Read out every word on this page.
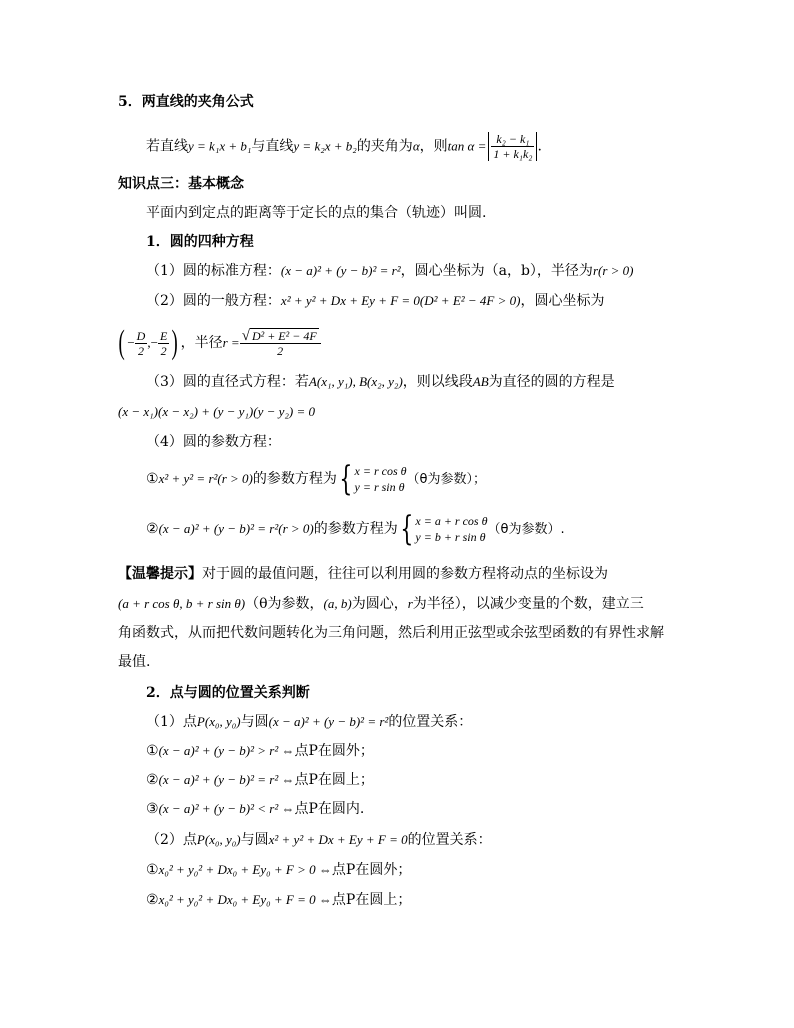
5．两直线的夹角公式
若直线y = k₁x + b₁与直线y = k₂x + b₂的夹角为α，则$\tan \alpha = \frac{\text{k₂ − k₁}}{\text{1 + k₁k₂}}$ .
知识点三：基本概念
平面内到定点的距离等于定长的点的集合（轨迹）叫圆.
1．圆的四种方程
（1）圆的标准方程：(x − a)² + (y − b)² = r²，圆心坐标为（a，b），半径为r(r > 0)
（2）圆的一般方程：x² + y² + Dx + Ey + F = 0(D² + E² − 4F > 0)，圆心坐标为
( − $\frac{D}{2}$ ,− $\frac{E}{2}$ ) ，半径$r = \frac{\text{√ D² + E² − 4F}}{2}$
（3）圆的直径式方程：若A(x₁, y₁), B(x₂, y₂)，则以线段AB为直径的圆的方程是
(x − x₁)(x − x₂) + (y − y₁)(y − y₂) = 0
（4）圆的参数方程：
①x² + y² = r²(r > 0)的参数方程为{ x = r cos θ
y = r sin θ （θ为参数）；
②(x − a)² + (y − b)² = r²(r > 0)的参数方程为{ x = a + r cos θ
y = b + r sin θ （θ为参数）.
【温馨提示】对于圆的最值问题，往往可以利用圆的参数方程将动点的坐标设为
(a + r cos θ, b + r sin θ)（θ为参数，(a, b)为圆心，r为半径），以减少变量的个数，建立三
角函数式，从而把代数问题转化为三角问题，然后利用正弦型或余弦型函数的有界性求解
最值.
2．点与圆的位置关系判断
（1）点P(x₀, y₀)与圆(x − a)² + (y − b)² = r²的位置关系：
①(x − a)² + (y − b)² > r² ⇔点P在圆外；
②(x − a)² + (y − b)² = r² ⇔点P在圆上；
③(x − a)² + (y − b)² < r² ⇔点P在圆内.
（2）点P(x₀, y₀)与圆x² + y² + Dx + Ey + F = 0的位置关系：
①x₀² + y₀² + Dx₀ + Ey₀ + F > 0 ⇔点P在圆外；
②x₀² + y₀² + Dx₀ + Ey₀ + F = 0 ⇔点P在圆上；
